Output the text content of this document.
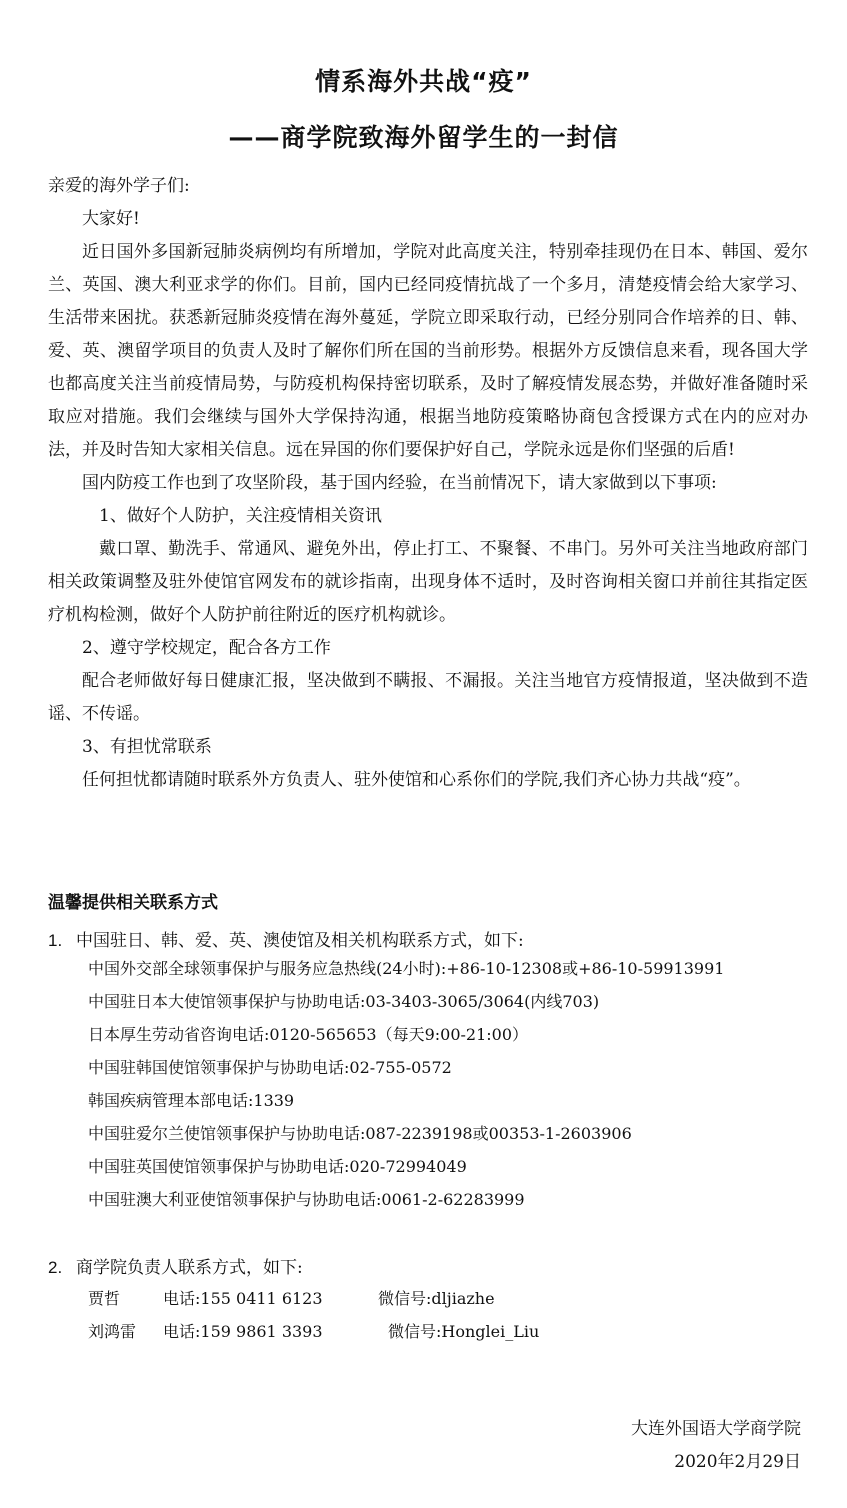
情系海外共战“疫”
——商学院致海外留学生的一封信
亲爱的海外学子们:

大家好!

近日国外多国新冠肺炎病例均有所增加，学院对此高度关注，特别牵挂现仍在日本、韩国、爱尔兰、英国、澳大利亚求学的你们。目前，国内已经同疫情抗战了一个多月，清楚疫情会给大家学习、生活带来困扰。获悉新冠肺炎疫情在海外蔓延，学院立即采取行动，已经分别同合作培养的日、韩、爱、英、澳留学项目的负责人及时了解你们所在国的当前形势。根据外方反馈信息来看，现各国大学也都高度关注当前疫情局势，与防疫机构保持密切联系，及时了解疫情发展态势，并做好准备随时采取应对措施。我们会继续与国外大学保持沟通，根据当地防疫策略协商包含授课方式在内的应对办法，并及时告知大家相关信息。远在异国的你们要保护好自己，学院永远是你们坚强的后盾!

国内防疫工作也到了攻坚阶段，基于国内经验，在当前情况下，请大家做到以下事项:

1、做好个人防护，关注疫情相关资讯

戴口罩、勤洗手、常通风、避免外出，停止打工、不聚餐、不串门。另外可关注当地政府部门相关政策调整及驻外使馆官网发布的就诊指南，出现身体不适时，及时咨询相关窗口并前往其指定医疗机构检测，做好个人防护前往附近的医疗机构就诊。

2、遵守学校规定，配合各方工作

配合老师做好每日健康汇报，坚决做到不瞒报、不漏报。关注当地官方疫情报道，坚决做到不造谣、不传谣。

3、有担忧常联系

任何担忧都请随时联系外方负责人、驻外使馆和心系你们的学院,我们齐心协力共战“疫”。

温馨提供相关联系方式
1. 中国驻日、韩、爱、英、澳使馆及相关机构联系方式，如下:
中国外交部全球领事保护与服务应急热线(24小时):+86-10-12308或+86-10-59913991
中国驻日本大使馆领事保护与协助电话:03-3403-3065/3064(内线703)
日本厚生劳动省咨询电话:0120-565653（每天9:00-21:00）
中国驻韩国使馆领事保护与协助电话:02-755-0572
韩国疾病管理本部电话:1339
中国驻爱尔兰使馆领事保护与协助电话:087-2239198或00353-1-2603906
中国驻英国使馆领事保护与协助电话:020-72994049
中国驻澳大利亚使馆领事保护与协助电话:0061-2-62283999
2. 商学院负责人联系方式，如下:
贾哲	电话:155 0411 6123	微信号:dljiazhe
刘鸿雷 电话:159 9861 3393	微信号:Honglei_Liu
大连外国语大学商学院
2020年2月29日
